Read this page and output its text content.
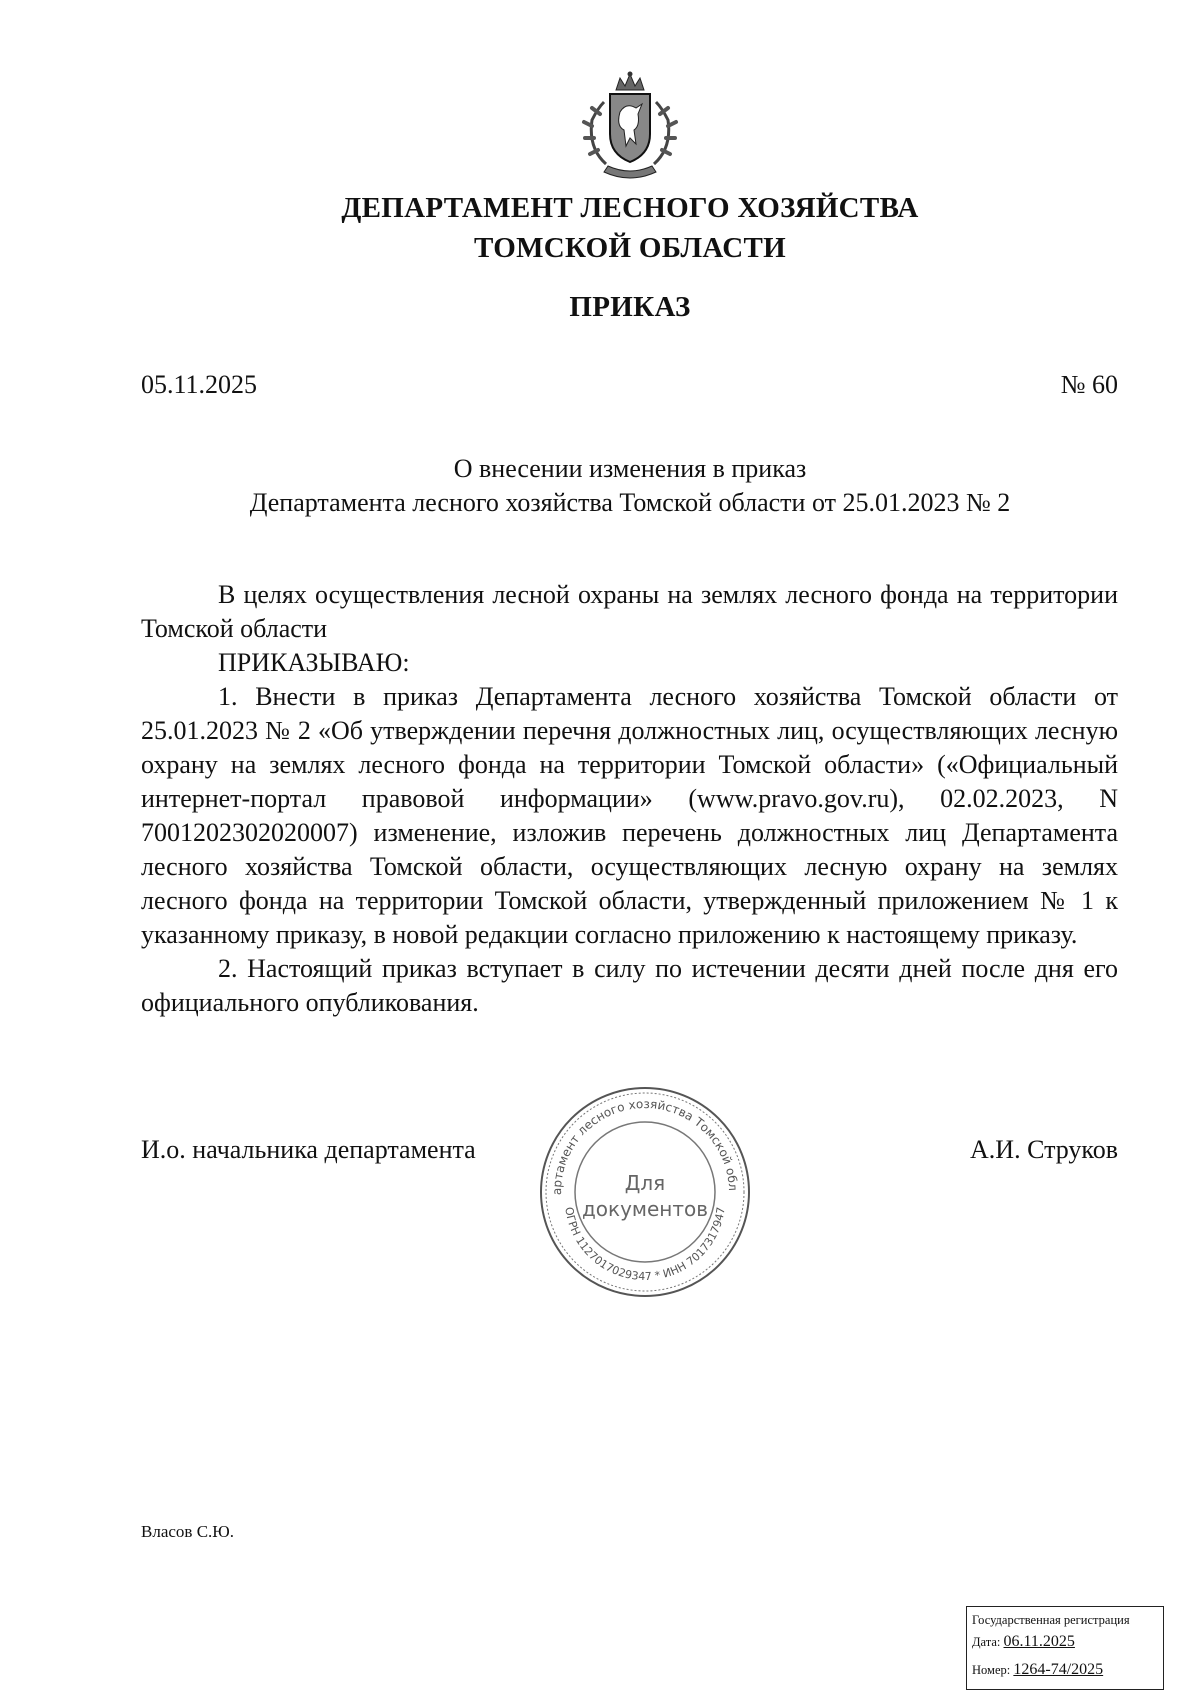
ДЕПАРТАМЕНТ ЛЕСНОГО ХОЗЯЙСТВА
ТОМСКОЙ ОБЛАСТИ
ПРИКАЗ
05.11.2025	№ 60
О внесении изменения в приказ
Департамента лесного хозяйства Томской области от 25.01.2023 № 2

В целях осуществления лесной охраны на землях лесного фонда на территории Томской области

ПРИКАЗЫВАЮ:

1. Внести в приказ Департамента лесного хозяйства Томской области от 25.01.2023 № 2 «Об утверждении перечня должностных лиц, осуществляющих лесную охрану на землях лесного фонда на территории Томской области» («Официальный интернет-портал правовой информации» (www.pravo.gov.ru), 02.02.2023, N 7001202302020007) изменение, изложив перечень должностных лиц Департамента лесного хозяйства Томской области, осуществляющих лесную охрану на землях лесного фонда на территории Томской области, утвержденный приложением № 1 к указанному приказу, в новой редакции согласно приложению к настоящему приказу.

2. Настоящий приказ вступает в силу по истечении десяти дней после дня его официального опубликования.

И.о. начальника департамента	А.И. Струков
артамент лесного хозяйства Томской обл
ОГРН 1127017029347 * ИНН 7017317947
Для
документов
Власов С.Ю.
Государственная регистрация
Дата: 06.11.2025
Номер: 1264-74/2025
